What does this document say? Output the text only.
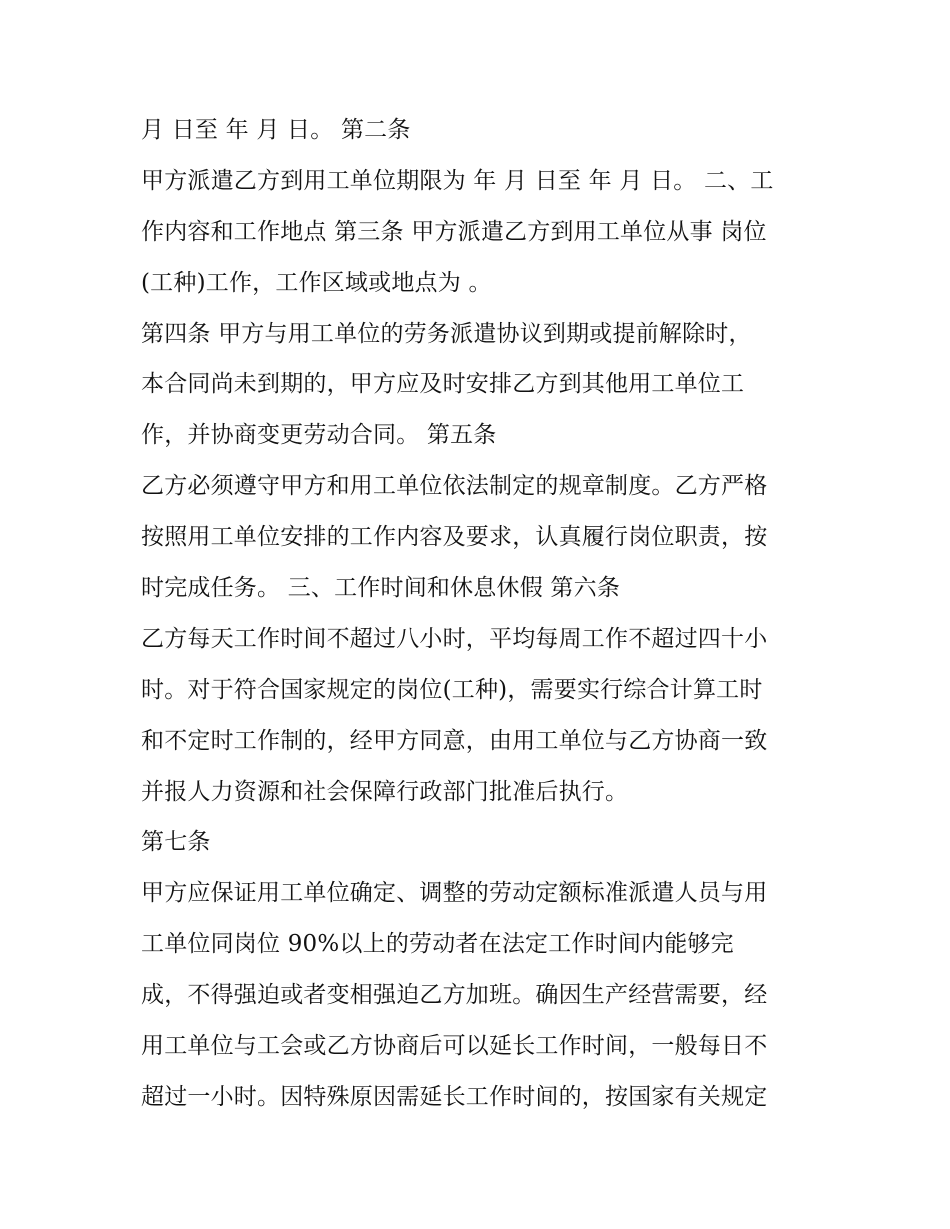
月 日至 年 月 日。 第二条
甲方派遣乙方到用工单位期限为 年 月 日至 年 月 日。 二、工
作内容和工作地点 第三条 甲方派遣乙方到用工单位从事 岗位
(工种)工作，工作区域或地点为 。
第四条 甲方与用工单位的劳务派遣协议到期或提前解除时，
本合同尚未到期的，甲方应及时安排乙方到其他用工单位工
作，并协商变更劳动合同。 第五条
乙方必须遵守甲方和用工单位依法制定的规章制度。乙方严格
按照用工单位安排的工作内容及要求，认真履行岗位职责，按
时完成任务。 三、工作时间和休息休假 第六条
乙方每天工作时间不超过八小时，平均每周工作不超过四十小
时。对于符合国家规定的岗位(工种)，需要实行综合计算工时
和不定时工作制的，经甲方同意，由用工单位与乙方协商一致
并报人力资源和社会保障行政部门批准后执行。
第七条
甲方应保证用工单位确定、调整的劳动定额标准派遣人员与用
工单位同岗位 90%以上的劳动者在法定工作时间内能够完
成，不得强迫或者变相强迫乙方加班。确因生产经营需要，经
用工单位与工会或乙方协商后可以延长工作时间，一般每日不
超过一小时。因特殊原因需延长工作时间的，按国家有关规定
